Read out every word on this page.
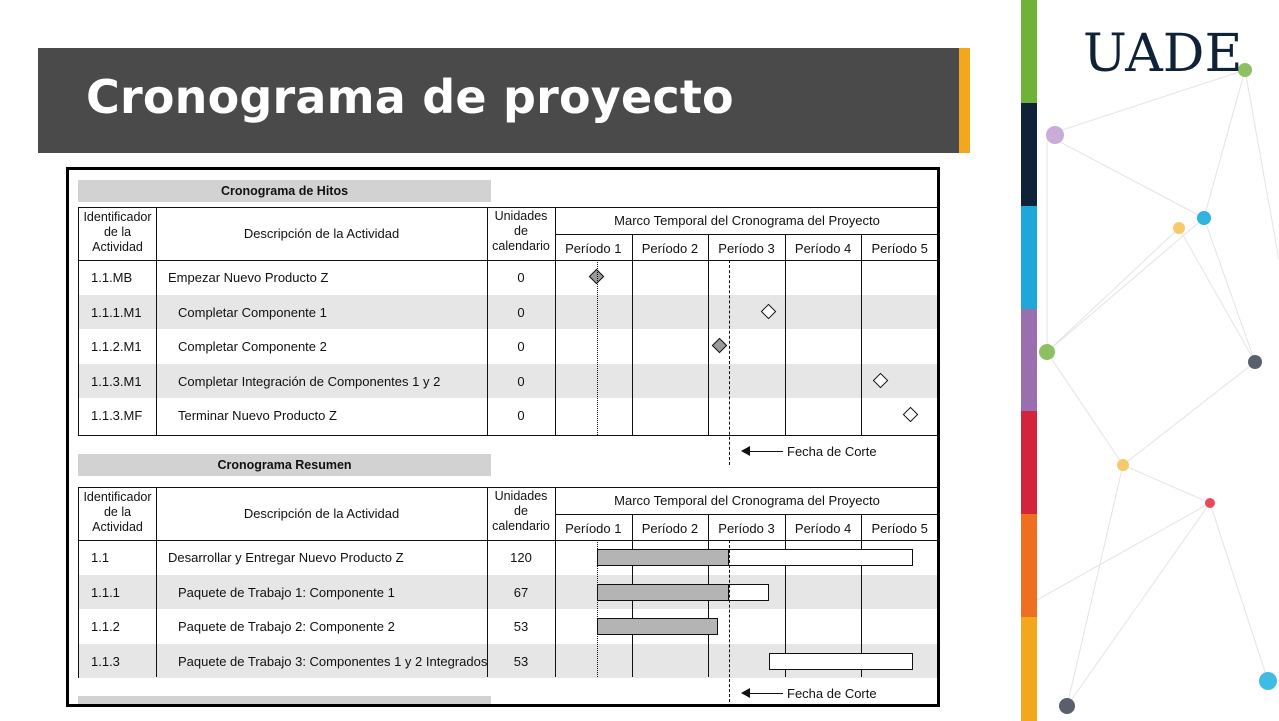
Cronograma de proyecto
UADE
Cronograma de Hitos
Identificador
de la
Actividad
Descripción de la Actividad
Unidades
de
calendario
Marco Temporal del Cronograma del Proyecto
Período 1	Período 2	Período 3	Período 4	Período 5
1.1.MB	Empezar Nuevo Producto Z	0
1.1.1.M1	Completar Componente 1	0
1.1.2.M1	Completar Componente 2	0
1.1.3.M1	Completar Integración de Componentes 1 y 2	0
1.1.3.MF	Terminar Nuevo Producto Z	0
Fecha de Corte
Cronograma Resumen
Identificador
de la
Actividad
Descripción de la Actividad
Unidades
de
calendario
Marco Temporal del Cronograma del Proyecto
Período 1	Período 2	Período 3	Período 4	Período 5
1.1	Desarrollar y Entregar Nuevo Producto Z	120
1.1.1	Paquete de Trabajo 1: Componente 1	67
1.1.2	Paquete de Trabajo 2: Componente 2	53
1.1.3	Paquete de Trabajo 3: Componentes 1 y 2 Integrados	53
Fecha de Corte
